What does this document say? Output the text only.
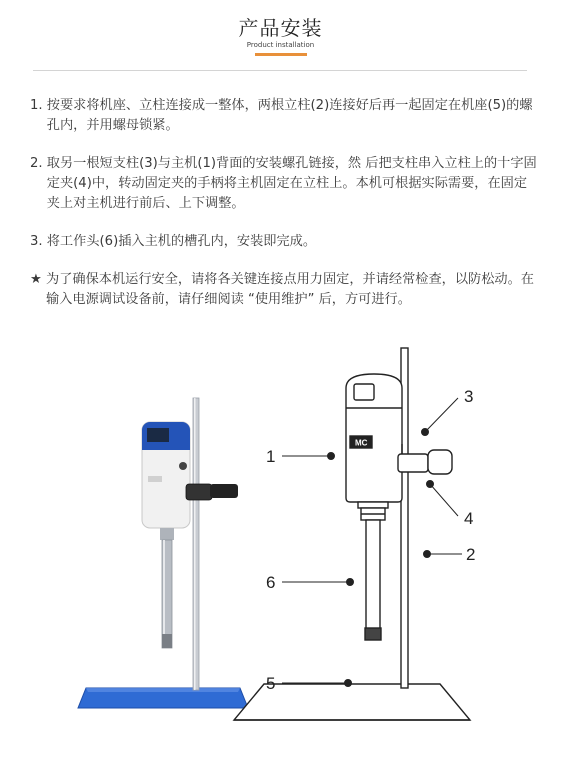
产品安装
Product installation
1. 按要求将机座、立柱连接成一整体，两根立柱(2)连接好后再一起固定在机座(5)的螺孔内，并用螺母锁紧。
2. 取另一根短支柱(3)与主机(1)背面的安装螺孔链接，然 后把支柱串入立柱上的十字固定夹(4)中，转动固定夹的手柄将主机固定在立柱上。本机可根据实际需要，在固定夹上对主机进行前后、上下调整。
3. 将工作头(6)插入主机的槽孔内，安装即完成。
★ 为了确保本机运行安全，请将各关键连接点用力固定，并请经常检查，以防松动。在输入电源调试设备前，请仔细阅读 “使用维护” 后，方可进行。
MC
1
3
4
2
6
5
